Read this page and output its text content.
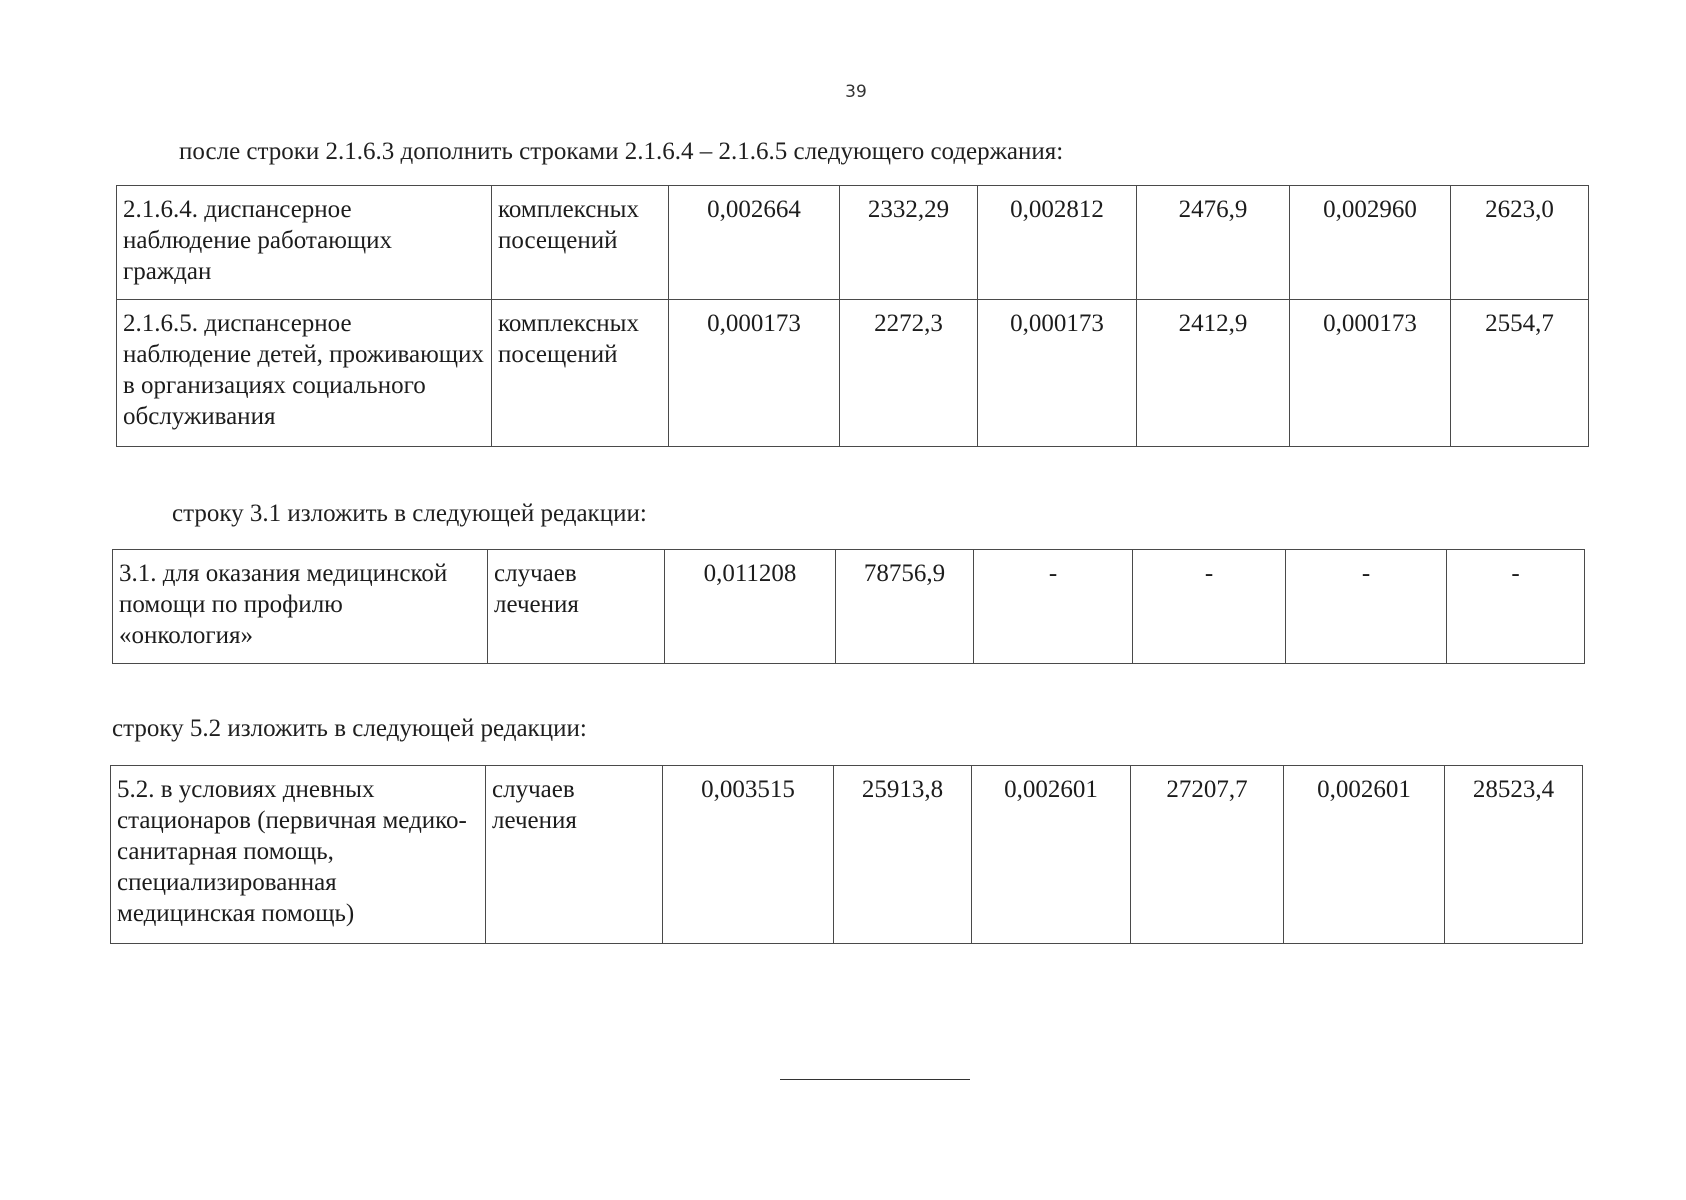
39
после строки 2.1.6.3 дополнить строками 2.1.6.4 – 2.1.6.5 следующего содержания:
2.1.6.4. диспансерное наблюдение работающих граждан	комплексных посещений	0,002664	2332,29	0,002812	2476,9	0,002960	2623,0
2.1.6.5. диспансерное наблюдение детей, проживающих в организациях социального обслуживания	комплексных посещений	0,000173	2272,3	0,000173	2412,9	0,000173	2554,7
строку 3.1 изложить в следующей редакции:
3.1. для оказания медицинской помощи по профилю «онкология»	случаев лечения	0,011208	78756,9	-	-	-	-
строку 5.2 изложить в следующей редакции:
5.2. в условиях дневных стационаров (первичная медико-санитарная помощь, специализированная медицинская помощь)	случаев лечения	0,003515	25913,8	0,002601	27207,7	0,002601	28523,4
